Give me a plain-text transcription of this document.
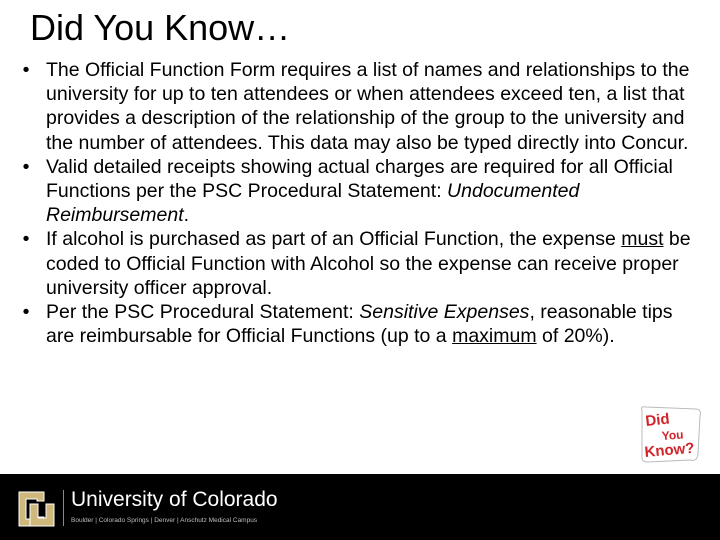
Did You Know…
• The Official Function Form requires a list of names and relationships to the university for up to ten attendees or when attendees exceed ten, a list that provides a description of the relationship of the group to the university and the number of attendees. This data may also be typed directly into Concur.
• Valid detailed receipts showing actual charges are required for all Official Functions per the PSC Procedural Statement: Undocumented Reimbursement.
• If alcohol is purchased as part of an Official Function, the expense must be coded to Official Function with Alcohol so the expense can receive proper university officer approval.
• Per the PSC Procedural Statement: Sensitive Expenses, reasonable tips are reimbursable for Official Functions (up to a maximum of 20%).
Did
You
Know?
University of Colorado
Boulder | Colorado Springs | Denver | Anschutz Medical Campus
